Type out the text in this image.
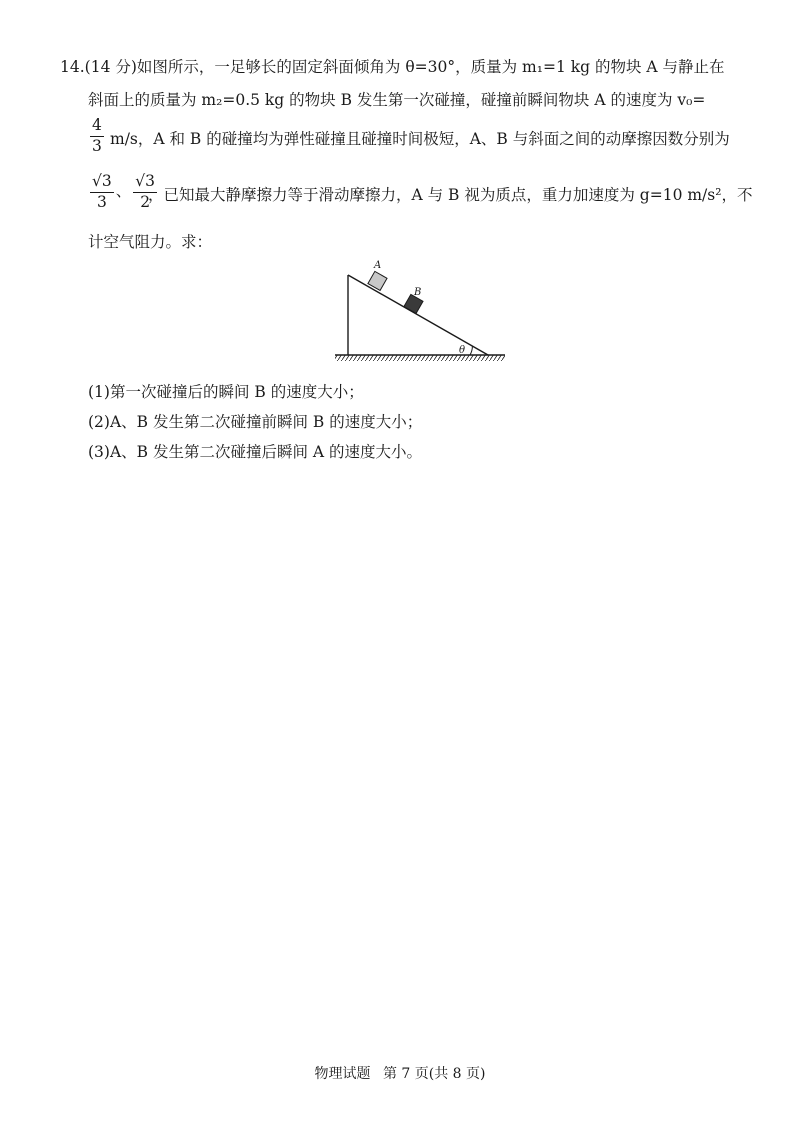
14.(14 分)如图所示，一足够长的固定斜面倾角为 θ=30°，质量为 m₁=1 kg 的物块 A 与静止在
斜面上的质量为 m₂=0.5 kg 的物块 B 发生第一次碰撞，碰撞前瞬间物块 A 的速度为 v₀=
$\frac{4}{3} m/s$，A 和 B 的碰撞均为弹性碰撞且碰撞时间极短，A、B 与斜面之间的动摩擦因数分别为
$\frac{√3}{3}$ 、 $\frac{√3}{2}$
，已知最大静摩擦力等于滑动摩擦力，A 与 B 视为质点，重力加速度为 g=10 m/s²，不
计空气阻力。求：
θ
A
B
(1)第一次碰撞后的瞬间 B 的速度大小；
(2)A、B 发生第二次碰撞前瞬间 B 的速度大小；
(3)A、B 发生第二次碰撞后瞬间 A 的速度大小。
物理试题 第 7 页(共 8 页)
